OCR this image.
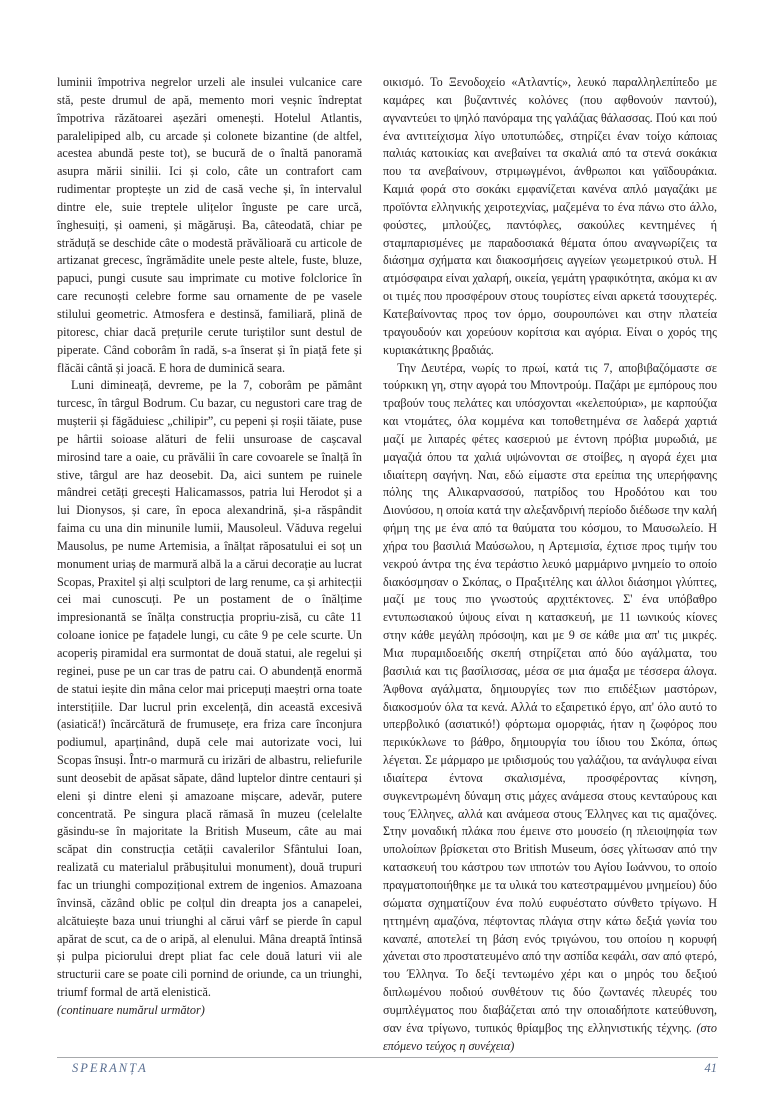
luminii împotriva negrelor urzeli ale insulei vulcanice care stă, peste drumul de apă, memento mori veșnic îndreptat împotriva răzătoarei așezări omenești. Hotelul Atlantis, paralelipiped alb, cu arcade și colonete bizantine (de altfel, acestea abundă peste tot), se bucură de o înaltă panoramă asupra mării sinilii. Ici și colo, câte un contrafort cam rudimentar proptește un zid de casă veche și, în intervalul dintre ele, suie treptele ulițelor înguste pe care urcă, înghesuiți, și oameni, și măgăruși. Ba, câteodată, chiar pe străduță se deschide câte o modestă prăvălioară cu articole de artizanat grecesc, îngrămădite unele peste altele, fuste, bluze, papuci, pungi cusute sau imprimate cu motive folclorice în care recunoști celebre forme sau ornamente de pe vasele stilului geometric. Atmosfera e destinsă, familiară, plină de pitoresc, chiar dacă prețurile cerute turiștilor sunt destul de piperate. Când coborâm în radă, s-a înserat și în piață fete și flăcăi cântă și joacă. E hora de duminică seara.

Luni dimineață, devreme, pe la 7, coborâm pe pământ turcesc, în târgul Bodrum. Cu bazar, cu negustori care trag de mușterii și făgăduiesc „chilipir”, cu pepeni și roșii tăiate, puse pe hârtii soioase alături de felii unsuroase de cașcaval mirosind tare a oaie, cu prăvălii în care covoarele se înalță în stive, târgul are haz deosebit. Da, aici suntem pe ruinele mândrei cetăți grecești Halicamassos, patria lui Herodot și a lui Dionysos, și care, în epoca alexandrină, și-a răspândit faima cu una din minunile lumii, Mausoleul. Văduva regelui Mausolus, pe nume Artemisia, a înălțat răposatului ei soț un monument uriaș de marmură albă la a cărui decorație au lucrat Scopas, Praxitel și alți sculptori de larg renume, ca și arhitecții cei mai cunoscuți. Pe un postament de o înălțime impresionantă se înălța construcția propriu-zisă, cu câte 11 coloane ionice pe fațadele lungi, cu câte 9 pe cele scurte. Un acoperiș piramidal era surmontat de două statui, ale regelui și reginei, puse pe un car tras de patru cai. O abundență enormă de statui ieșite din mâna celor mai pricepuți maeștri orna toate interstițiile. Dar lucrul prin excelență, din această excesivă (asiatică!) încărcătură de frumusețe, era friza care înconjura podiumul, aparținând, după cele mai autorizate voci, lui Scopas însuși. Într-o marmură cu irizări de albastru, reliefurile sunt deosebit de apăsat săpate, dând luptelor dintre centauri și eleni și dintre eleni și amazoane mișcare, adevăr, putere concentrată. Pe singura placă rămasă în muzeu (celelalte găsindu-se în majoritate la British Museum, câte au mai scăpat din construcția cetății cavalerilor Sfântului Ioan, realizată cu materialul prăbușitului monument), două trupuri fac un triunghi compozițional extrem de ingenios. Amazoana învinsă, căzând oblic pe colțul din dreapta jos a canapelei, alcătuiește baza unui triunghi al cărui vârf se pierde în capul apărat de scut, ca de o aripă, al elenului. Mâna dreaptă întinsă și pulpa piciorului drept pliat fac cele două laturi vii ale structurii care se poate cili pornind de oriunde, ca un triunghi, triumf formal de artă elenistică.
(continuare numărul următor)

οικισμό. Το Ξενοδοχείο «Ατλαντίς», λευκό παραλληλεπίπεδο με καμάρες και βυζαντινές κολόνες (που αφθονούν παντού), αγναντεύει το ψηλό πανόραμα της γαλάζιας θάλασσας. Πού και πού ένα αντιτείχισμα λίγο υποτυπώδες, στηρίζει έναν τοίχο κάποιας παλιάς κατοικίας και ανεβαίνει τα σκαλιά από τα στενά σοκάκια που τα ανεβαίνουν, στριμωγμένοι, άνθρωποι και γαϊδουράκια. Καμιά φορά στο σοκάκι εμφανίζεται κανένα απλό μαγαζάκι με προϊόντα ελληνικής χειροτεχνίας, μαζεμένα το ένα πάνω στο άλλο, φούστες, μπλούζες, παντόφλες, σακούλες κεντημένες ή σταμπαρισμένες με παραδοσιακά θέματα όπου αναγνωρίζεις τα διάσημα σχήματα και διακοσμήσεις αγγείων γεωμετρικού στυλ. Η ατμόσφαιρα είναι χαλαρή, οικεία, γεμάτη γραφικότητα, ακόμα κι αν οι τιμές που προσφέρουν στους τουρίστες είναι αρκετά τσουχτερές. Κατεβαίνοντας προς τον όρμο, σουρουπώνει και στην πλατεία τραγουδούν και χορεύουν κορίτσια και αγόρια. Είναι ο χορός της κυριακάτικης βραδιάς.

Την Δευτέρα, νωρίς το πρωί, κατά τις 7, αποβιβαζόμαστε σε τούρκικη γη, στην αγορά του Μποντρούμ. Παζάρι με εμπόρους που τραβούν τους πελάτες και υπόσχονται «κελεπούρια», με καρπούζια και ντομάτες, όλα κομμένα και τοποθετημένα σε λαδερά χαρτιά μαζί με λιπαρές φέτες κασεριού με έντονη πρόβια μυρωδιά, με μαγαζιά όπου τα χαλιά υψώνονται σε στοίβες, η αγορά έχει μια ιδιαίτερη σαγήνη. Ναι, εδώ είμαστε στα ερείπια της υπερήφανης πόλης της Αλικαρνασσού, πατρίδος του Ηροδότου και του Διονύσου, η οποία κατά την αλεξανδρινή περίοδο διέδωσε την καλή φήμη της με ένα από τα θαύματα του κόσμου, το Μαυσωλείο. Η χήρα του βασιλιά Μαύσωλου, η Αρτεμισία, έχτισε προς τιμήν του νεκρού άντρα της ένα τεράστιο λευκό μαρμάρινο μνημείο το οποίο διακόσμησαν ο Σκόπας, ο Πραξιτέλης και άλλοι διάσημοι γλύπτες, μαζί με τους πιο γνωστούς αρχιτέκτονες. Σ' ένα υπόβαθρο εντυπωσιακού ύψους είναι η κατασκευή, με 11 ιωνικούς κίονες στην κάθε μεγάλη πρόσοψη, και με 9 σε κάθε μια απ' τις μικρές. Μια πυραμιδοειδής σκεπή στηρίζεται από δύο αγάλματα, του βασιλιά και τις βασίλισσας, μέσα σε μια άμαξα με τέσσερα άλογα. Άφθονα αγάλματα, δημιουργίες των πιο επιδέξιων μαστόρων, διακοσμούν όλα τα κενά. Αλλά το εξαιρετικό έργο, απ' όλο αυτό το υπερβολικό (ασιατικό!) φόρτωμα ομορφιάς, ήταν η ζωφόρος που περικύκλωνε το βάθρο, δημιουργία του ίδιου του Σκόπα, όπως λέγεται. Σε μάρμαρο με ιριδισμούς του γαλάζιου, τα ανάγλυφα είναι ιδιαίτερα έντονα σκαλισμένα, προσφέροντας κίνηση, συγκεντρωμένη δύναμη στις μάχες ανάμεσα στους κενταύρους και τους Έλληνες, αλλά και ανάμεσα στους Έλληνες και τις αμαζόνες. Στην μοναδική πλάκα που έμεινε στο μουσείο (η πλειοψηφία των υπολοίπων βρίσκεται στο British Museum, όσες γλίτωσαν από την κατασκευή του κάστρου των ιπποτών του Αγίου Ιωάννου, το οποίο πραγματοποιήθηκε με τα υλικά του κατεστραμμένου μνημείου) δύο σώματα σχηματίζουν ένα πολύ ευφυέστατο σύνθετο τρίγωνο. Η ηττημένη αμαζόνα, πέφτοντας πλάγια στην κάτω δεξιά γωνία του καναπέ, αποτελεί τη βάση ενός τριγώνου, του οποίου η κορυφή χάνεται στο προστατευμένο από την ασπίδα κεφάλι, σαν από φτερό, του Έλληνα. Το δεξί τεντωμένο χέρι και ο μηρός του δεξιού διπλωμένου ποδιού συνθέτουν τις δύο ζωντανές πλευρές του συμπλέγματος που διαβάζεται από την οποιαδήποτε κατεύθυνση, σαν ένα τρίγωνο, τυπικός θρίαμβος της ελληνιστικής τέχνης. (στο επόμενο τεύχος η συνέχεια)

SPERANȚA	41
